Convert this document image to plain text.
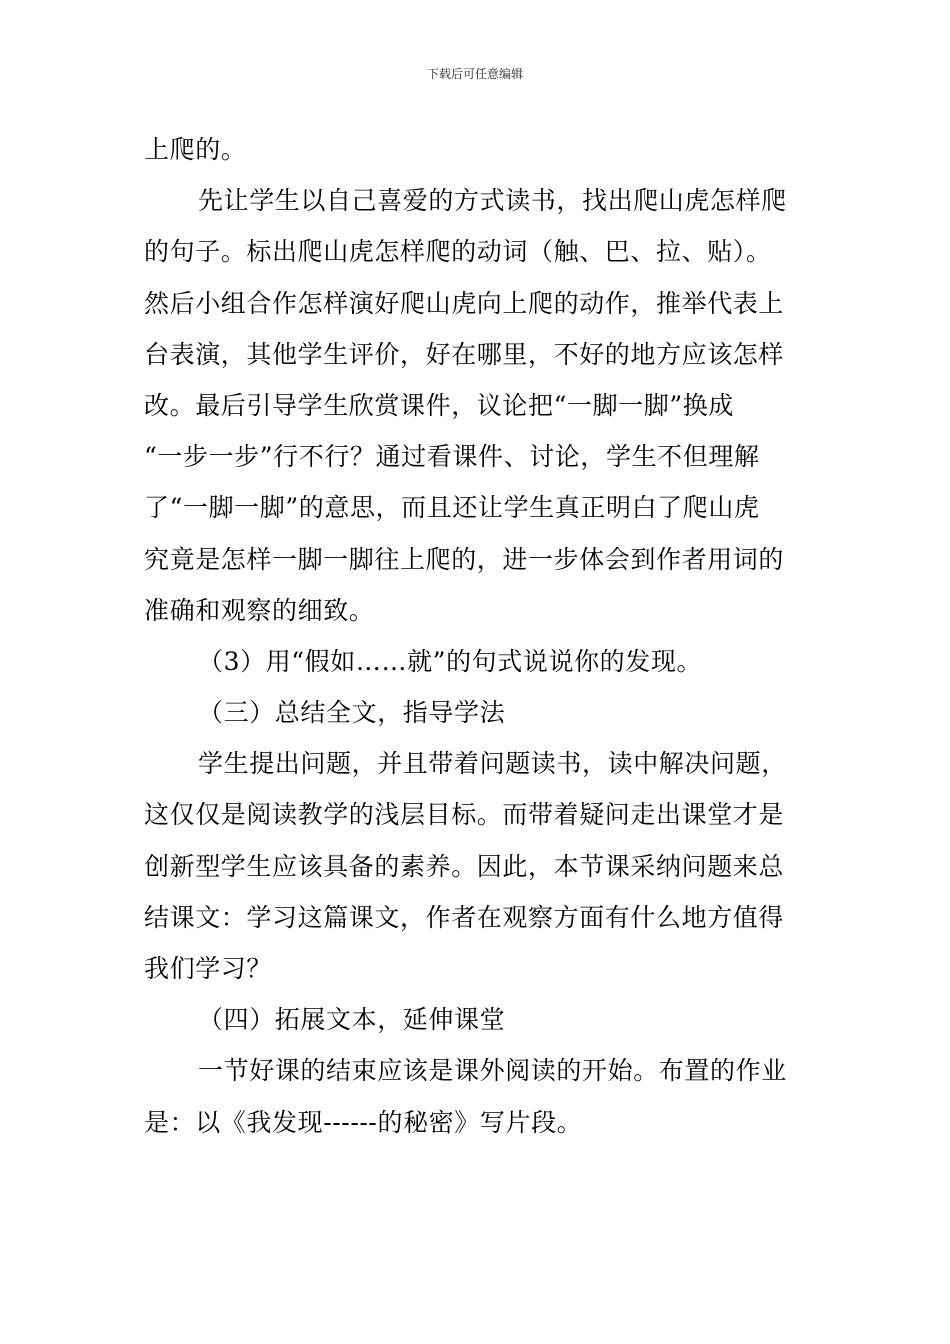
下载后可任意编辑
上爬的。
先让学生以自己喜爱的方式读书，找出爬山虎怎样爬
的句子。标出爬山虎怎样爬的动词（触、巴、拉、贴）。
然后小组合作怎样演好爬山虎向上爬的动作，推举代表上
台表演，其他学生评价，好在哪里，不好的地方应该怎样
改。最后引导学生欣赏课件，议论把“一脚一脚”换成
“一步一步”行不行？通过看课件、讨论，学生不但理解
了“一脚一脚”的意思，而且还让学生真正明白了爬山虎
究竟是怎样一脚一脚往上爬的，进一步体会到作者用词的
准确和观察的细致。
（3）用“假如……就”的句式说说你的发现。
（三）总结全文，指导学法
学生提出问题，并且带着问题读书，读中解决问题，
这仅仅是阅读教学的浅层目标。而带着疑问走出课堂才是
创新型学生应该具备的素养。因此，本节课采纳问题来总
结课文：学习这篇课文，作者在观察方面有什么地方值得
我们学习？
（四）拓展文本，延伸课堂
一节好课的结束应该是课外阅读的开始。布置的作业
是：以《我发现------的秘密》写片段。
